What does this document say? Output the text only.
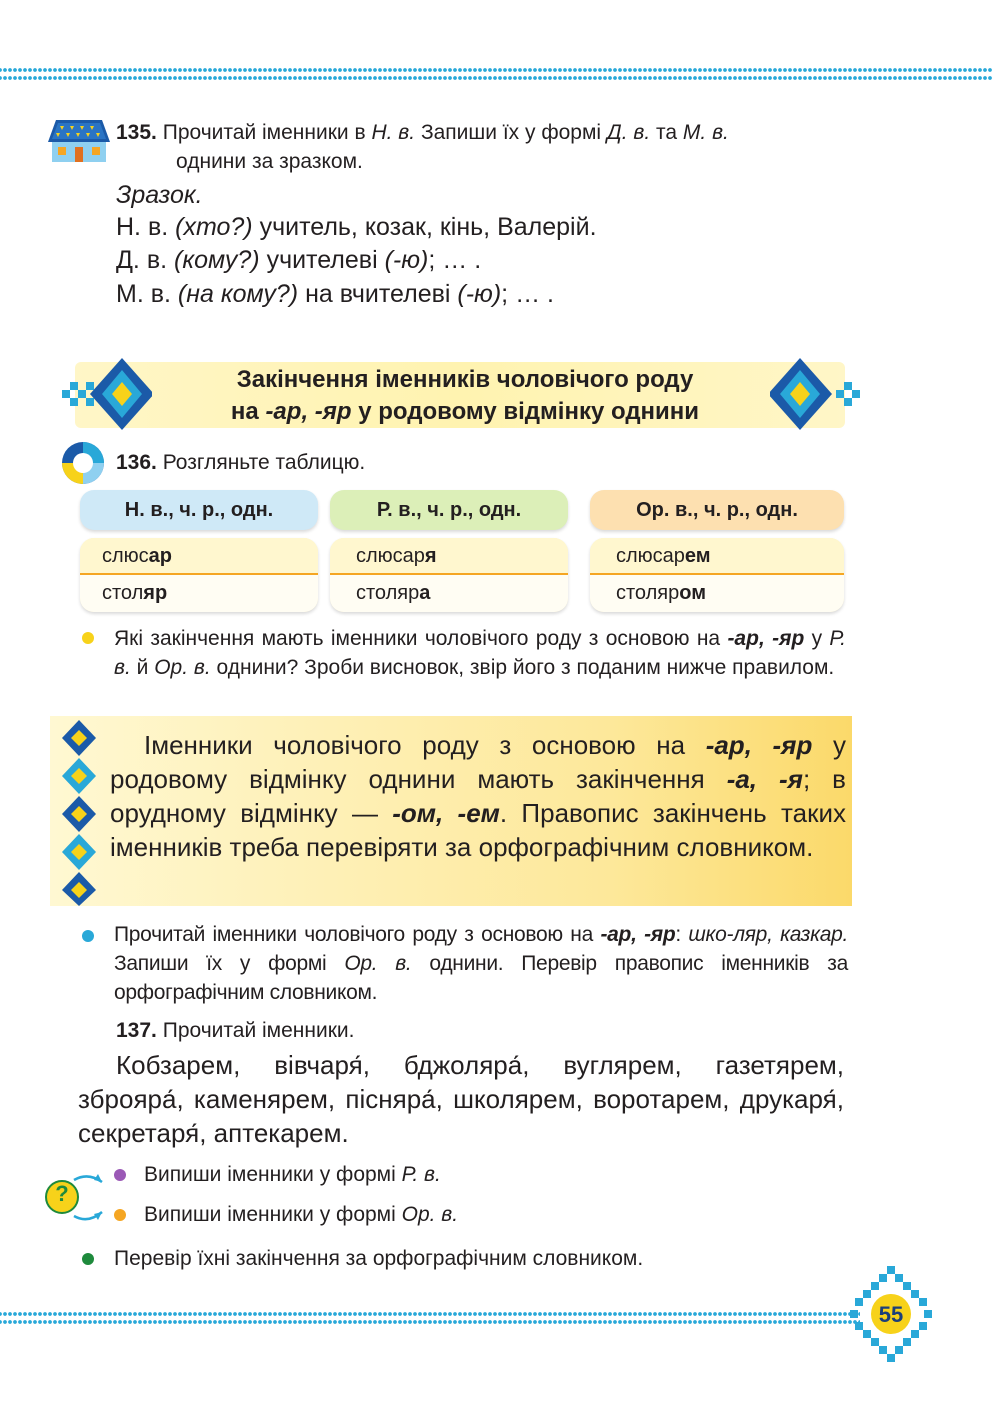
135. Прочитай іменники в Н. в. Запиши їх у формі Д. в. та М. в.
однини за зразком.
Зразок.
Н. в. (хто?) учитель, козак, кінь, Валерій.
Д. в. (кому?) учителеві (-ю); … .
М. в. (на кому?) на вчителеві (-ю); … .
Закінчення іменників чоловічого роду
на -ар, -яр у родовому відмінку однини
136. Розгляньте таблицю.
Н. в., ч. р., одн.
слюсар
столяр
Р. в., ч. р., одн.
слюсаря
столяра
Ор. в., ч. р., одн.
слюсарем
столяром
Які закінчення мають іменники чоловічого роду з основою на -ар, -яр у Р. в. й Ор. в. однини? Зроби висновок, звір його з поданим нижче правилом.
Іменники чоловічого роду з основою на -ар, -яр у родовому відмінку однини мають закінчення -а, -я; в орудному відмінку — -ом, -ем. Правопис закінчень таких іменників треба перевіряти за орфографічним словником.
Прочитай іменники чоловічого роду з основою на -ар, -яр: шко-ляр, казкар. Запиши їх у формі Ор. в. однини. Перевір правопис іменників за орфографічним словником.
137. Прочитай іменники.
Кобзарем, вівчаря́, бджоляра́, вуглярем, газетярем, зброяра́, каменярем, пісняра́, школярем, воротарем, друкаря́, секретаря́, аптекарем.
?
Випиши іменники у формі Р. в.
Випиши іменники у формі Ор. в.
Перевір їхні закінчення за орфографічним словником.
55
